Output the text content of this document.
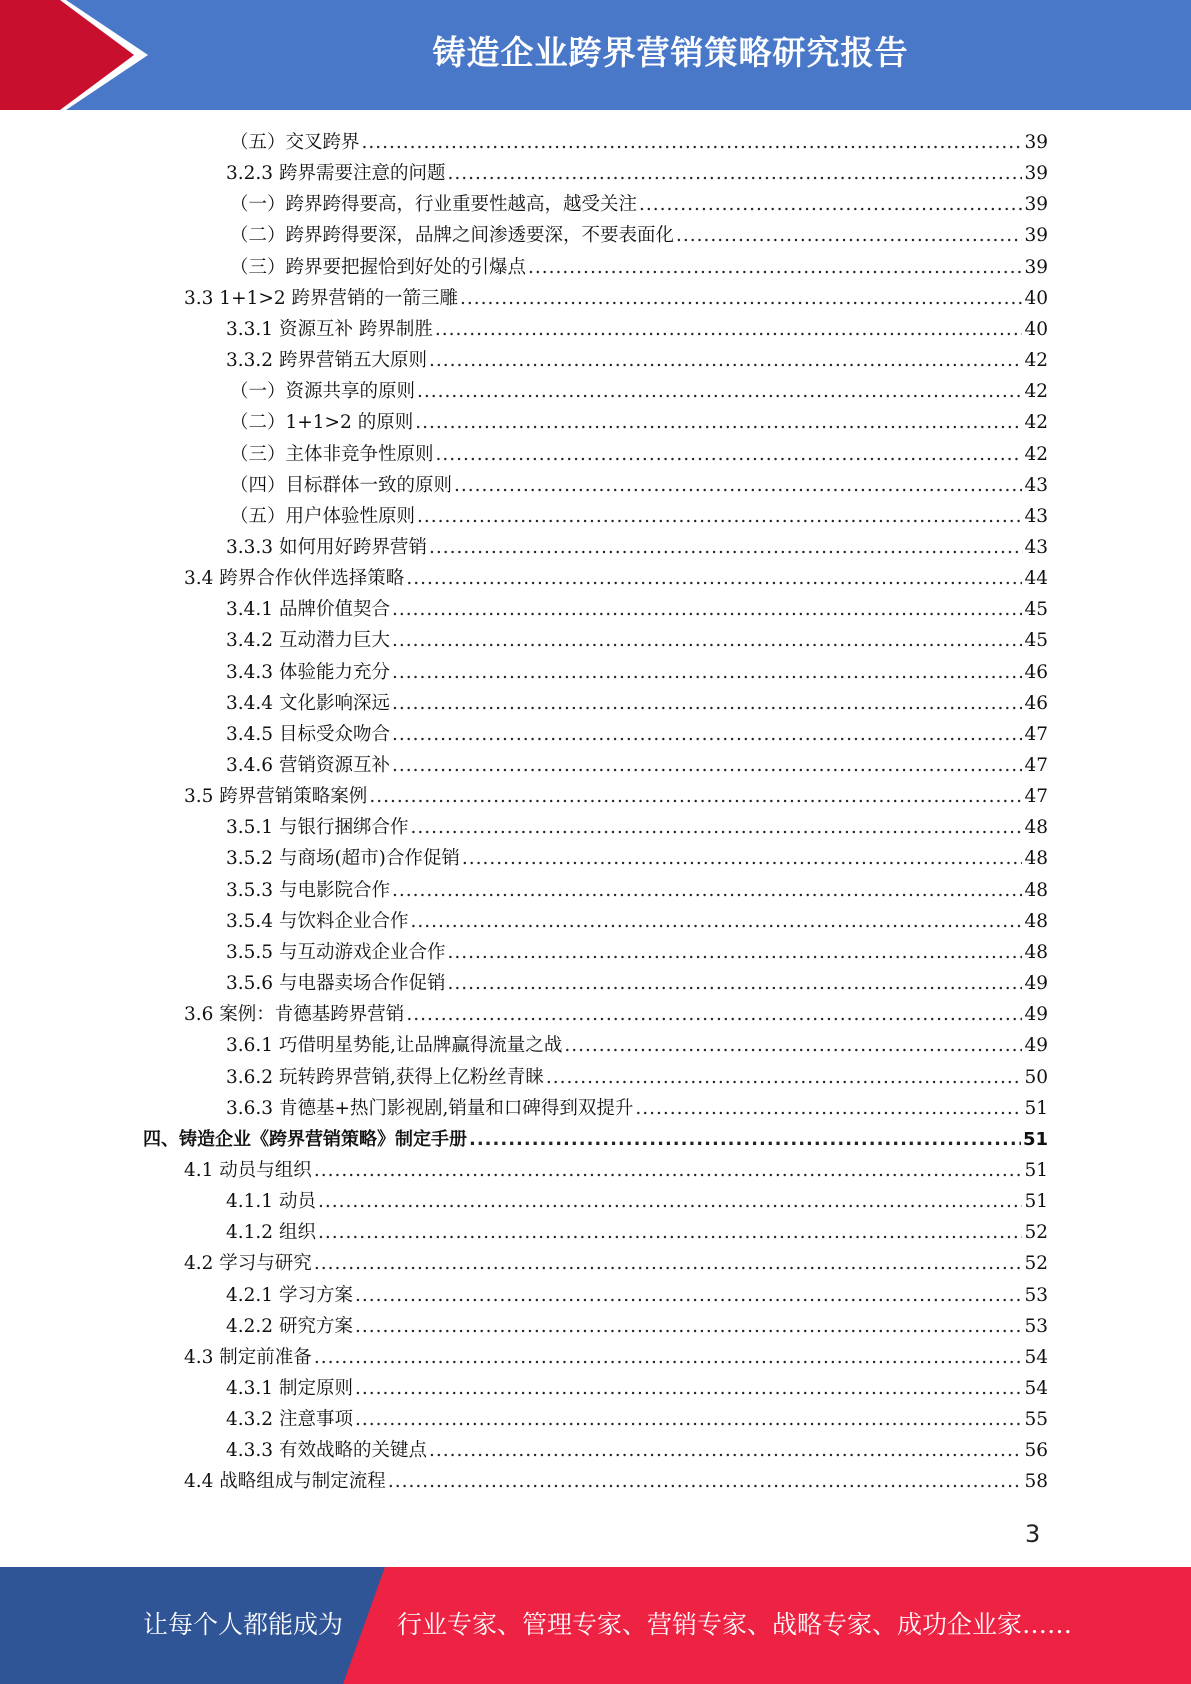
铸造企业跨界营销策略研究报告
（五）交叉跨界 .....	39
3.2.3 跨界需要注意的问题 .....	39
（一）跨界跨得要高，行业重要性越高，越受关注 .....	39
（二）跨界跨得要深，品牌之间渗透要深，不要表面化 .....	39
（三）跨界要把握恰到好处的引爆点 .....	39
3.3 1+1>2 跨界营销的一箭三雕 .....	40
3.3.1 资源互补 跨界制胜 .....	40
3.3.2 跨界营销五大原则 .....	42
（一）资源共享的原则 .....	42
（二）1+1>2 的原则 .....	42
（三）主体非竞争性原则 .....	42
（四）目标群体一致的原则 .....	43
（五）用户体验性原则 .....	43
3.3.3 如何用好跨界营销 .....	43
3.4 跨界合作伙伴选择策略 .....	44
3.4.1 品牌价值契合 .....	45
3.4.2 互动潜力巨大 .....	45
3.4.3 体验能力充分 .....	46
3.4.4 文化影响深远 .....	46
3.4.5 目标受众吻合 .....	47
3.4.6 营销资源互补 .....	47
3.5 跨界营销策略案例 .....	47
3.5.1 与银行捆绑合作 .....	48
3.5.2 与商场(超市)合作促销 .....	48
3.5.3 与电影院合作 .....	48
3.5.4 与饮料企业合作 .....	48
3.5.5 与互动游戏企业合作 .....	48
3.5.6 与电器卖场合作促销 .....	49
3.6 案例：肯德基跨界营销 .....	49
3.6.1 巧借明星势能,让品牌赢得流量之战 .....	49
3.6.2 玩转跨界营销,获得上亿粉丝青睐 .....	50
3.6.3 肯德基+热门影视剧,销量和口碑得到双提升 .....	51
四、铸造企业《跨界营销策略》制定手册 .....	51
4.1 动员与组织 .....	51
4.1.1 动员 .....	51
4.1.2 组织 .....	52
4.2 学习与研究 .....	52
4.2.1 学习方案 .....	53
4.2.2 研究方案 .....	53
4.3 制定前准备 .....	54
4.3.1 制定原则 .....	54
4.3.2 注意事项 .....	55
4.3.3 有效战略的关键点 .....	56
4.4 战略组成与制定流程 .....	58
3
让每个人都能成为 行业专家、管理专家、营销专家、战略专家、成功企业家……
